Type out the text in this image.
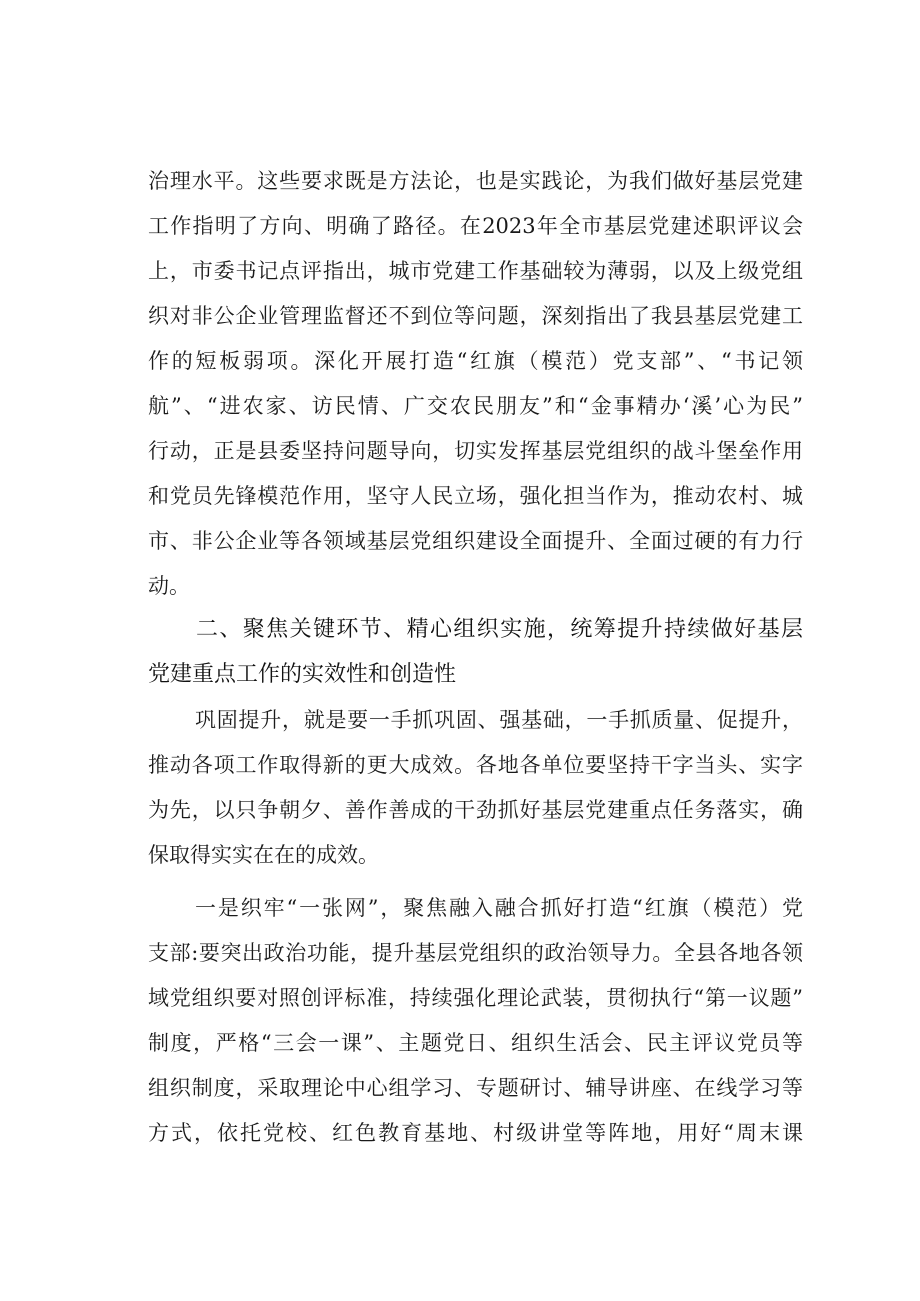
治理水平。这些要求既是方法论，也是实践论，为我们做好基层党建
工作指明了方向、明确了路径。在2023年全市基层党建述职评议会
上，市委书记点评指出，城市党建工作基础较为薄弱，以及上级党组
织对非公企业管理监督还不到位等问题，深刻指出了我县基层党建工
作的短板弱项。深化开展打造“红旗（模范）党支部”、“书记领
航”、“进农家、访民情、广交农民朋友”和“金事精办‘溪’心为民”
行动，正是县委坚持问题导向，切实发挥基层党组织的战斗堡垒作用
和党员先锋模范作用，坚守人民立场，强化担当作为，推动农村、城
市、非公企业等各领域基层党组织建设全面提升、全面过硬的有力行
动。
二、聚焦关键环节、精心组织实施，统筹提升持续做好基层
党建重点工作的实效性和创造性
巩固提升，就是要一手抓巩固、强基础，一手抓质量、促提升，
推动各项工作取得新的更大成效。各地各单位要坚持干字当头、实字
为先，以只争朝夕、善作善成的干劲抓好基层党建重点任务落实，确
保取得实实在在的成效。
一是织牢“一张网”，聚焦融入融合抓好打造“红旗（模范）党
支部:要突出政治功能，提升基层党组织的政治领导力。全县各地各领
域党组织要对照创评标准，持续强化理论武装，贯彻执行“第一议题”
制度，严格“三会一课”、主题党日、组织生活会、民主评议党员等
组织制度，采取理论中心组学习、专题研讨、辅导讲座、在线学习等
方式，依托党校、红色教育基地、村级讲堂等阵地，用好“周末课
